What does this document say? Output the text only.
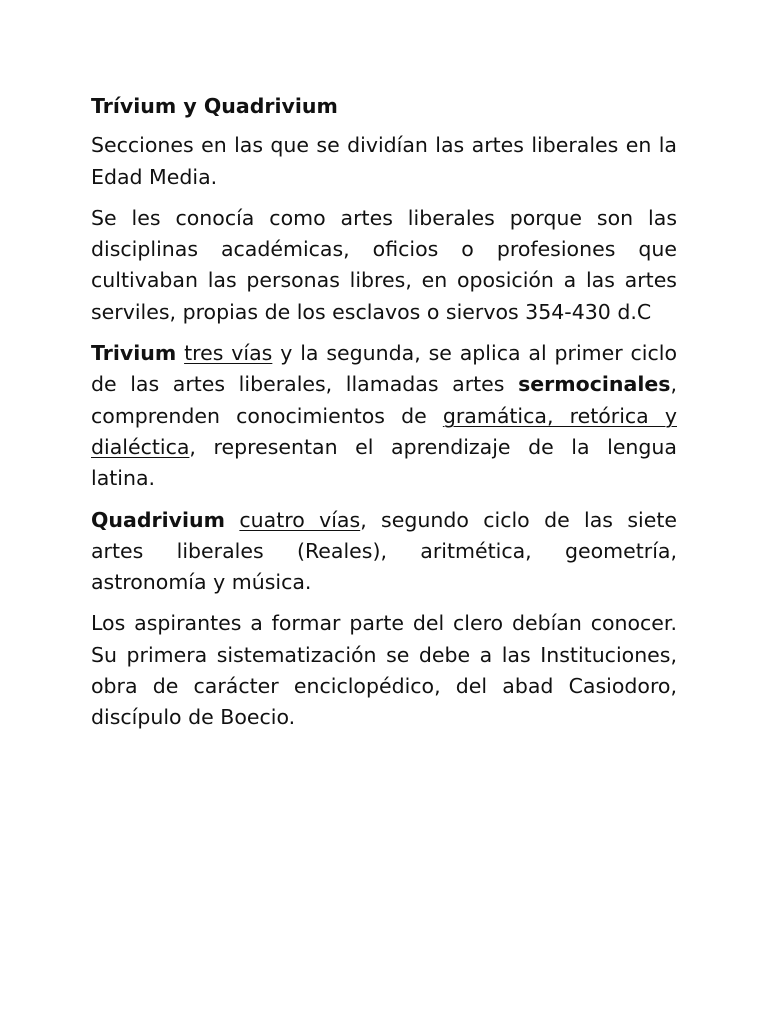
Trívium y Quadrivium

Secciones en las que se dividían las artes liberales en la Edad Media.

Se les conocía como artes liberales porque son las disciplinas académicas, oficios o profesiones que cultivaban las personas libres, en oposición a las artes serviles, propias de los esclavos o siervos 354-430 d.C

Trivium tres vías y la segunda, se aplica al primer ciclo de las artes liberales, llamadas artes sermocinales, comprenden conocimientos de gramática, retórica y dialéctica, representan el aprendizaje de la lengua latina.

Quadrivium cuatro vías, segundo ciclo de las siete artes liberales (Reales), aritmética, geometría, astronomía y música.

Los aspirantes a formar parte del clero debían conocer. Su primera sistematización se debe a las Instituciones, obra de carácter enciclopédico, del abad Casiodoro, discípulo de Boecio.
